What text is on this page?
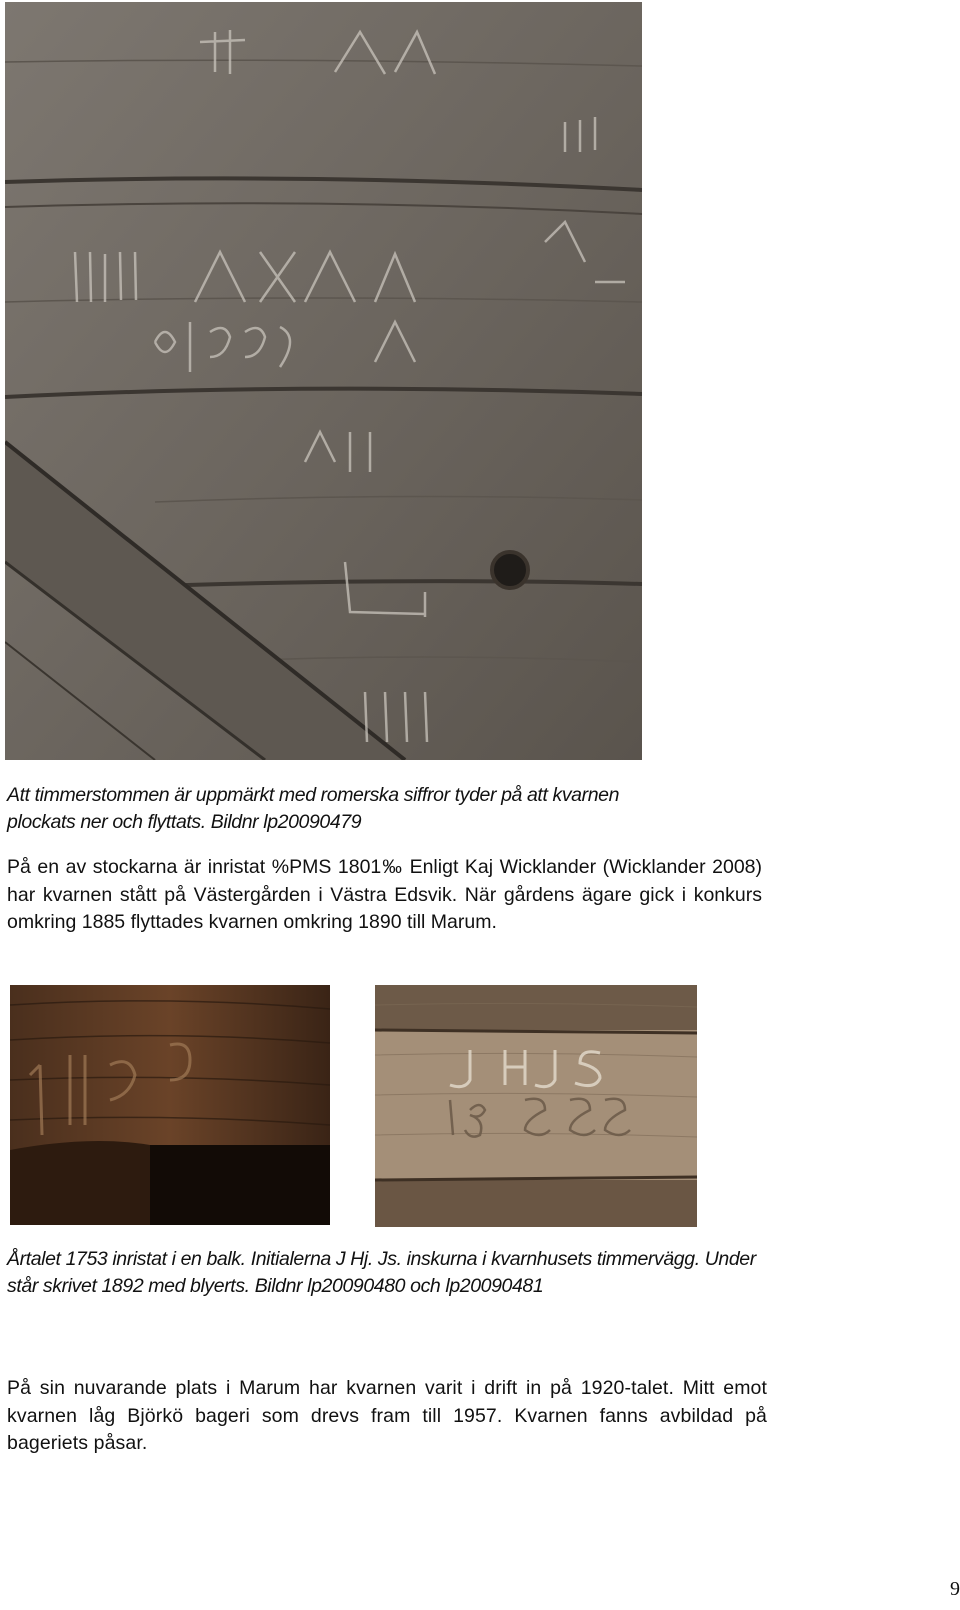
Att timmerstommen är uppmärkt med romerska siffror tyder på att kvarnen plockats ner och flyttats. Bildnr lp20090479
På en av stockarna är inristat %PMS 1801‰ Enligt Kaj Wicklander (Wicklander 2008) har kvarnen stått på Västergården i Västra Edsvik. När gårdens ägare gick i konkurs omkring 1885 flyttades kvarnen omkring 1890 till Marum.
Årtalet 1753 inristat i en balk. Initialerna J Hj. Js. inskurna i kvarnhusets timmervägg. Under står skrivet 1892 med blyerts. Bildnr lp20090480 och lp20090481
På sin nuvarande plats i Marum har kvarnen varit i drift in på 1920-talet. Mitt emot kvarnen låg Björkö bageri som drevs fram till 1957. Kvarnen fanns avbildad på bageriets påsar.
9
